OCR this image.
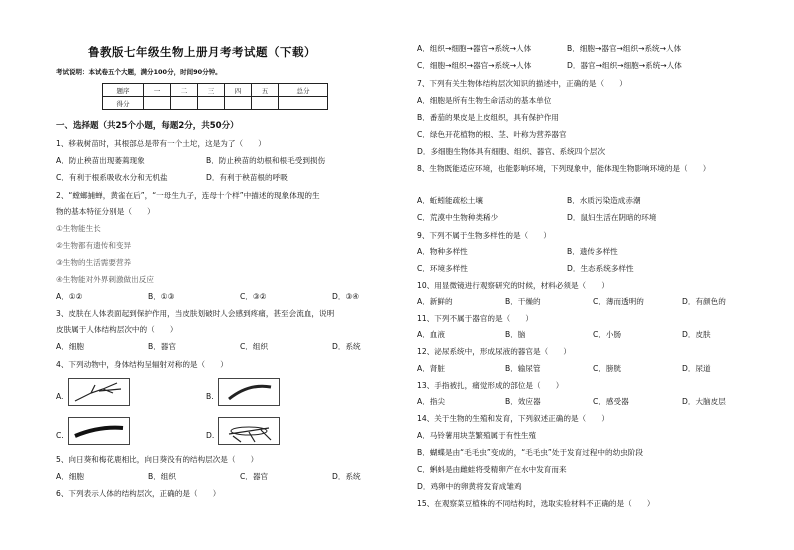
鲁教版七年级生物上册月考考试题（下载）
考试说明：本试卷五个大题，满分100分，时间90分钟。
题序	一	二	三	四	五	总分
得分						
一、选择题（共25个小题，每题2分，共50分）
1、移栽树苗时，其根部总是带有一个土坨，这是为了（　　）
A．防止秧苗出现萎蔫现象	B．防止秧苗的幼根和根毛受到损伤
C．有利于根系吸收水分和无机盐	D．有利于秧苗根的呼吸
2、“螳螂捕蝉，黄雀在后”，“一母生九子，连母十个样”中描述的现象体现的生
物的基本特征分别是（　　）
①生物能生长
②生物都有遗传和变异
③生物的生活需要营养
④生物能对外界刺激做出反应
A．①②	B．①③	C．③②	D．③④
3、皮肤在人体表面起到保护作用，当皮肤划破时人会感到疼痛，甚至会流血，说明
皮肤属于人体结构层次中的（　　）
A．细胞	B．器官	C．组织	D．系统
4、下列动物中，身体结构呈辐射对称的是（　　）
A.	B.
C.	D.
5、向日葵和梅花鹿相比，向日葵没有的结构层次是（　　）
A．细胞	B．组织	C．器官	D．系统
6、下列表示人体的结构层次，正确的是（　　）
A．组织→细胞→器官→系统→人体	B．细胞→器官→组织→系统→人体
C．细胞→组织→器官→系统→人体	D．器官→组织→细胞→系统→人体
7、下列有关生物体结构层次知识的描述中，正确的是（　　）
A．细胞是所有生物生命活动的基本单位
B．番茄的果皮是上皮组织，具有保护作用
C．绿色开花植物的根、茎、叶称为营养器官
D．多细胞生物体具有细胞、组织、器官、系统四个层次
8、生物既能适应环境，也能影响环境，下列现象中，能体现生物影响环境的是（　　）
A．蚯蚓能疏松土壤	B．水质污染造成赤潮
C．荒漠中生物种类稀少	D．鼠妇生活在阴暗的环境
9、下列不属于生物多样性的是（　　）
A．物种多样性	B．遗传多样性
C．环境多样性	D．生态系统多样性
10、用显微镜进行观察研究的时候，材料必须是（　　）
A．新鲜的	B．干燥的	C．薄而透明的	D．有颜色的
11、下列不属于器官的是（　　）
A．血液	B．脑	C．小肠	D．皮肤
12、泌尿系统中，形成尿液的器官是（　　）
A．肾脏	B．输尿管	C．膀胱	D．尿道
13、手指被扎，痛觉形成的部位是（　　）
A．指尖	B．效应器	C．感受器	D．大脑皮层
14、关于生物的生殖和发育，下列叙述正确的是（　　）
A．马铃薯用块茎繁殖属于有性生殖
B．蝴蝶是由“毛毛虫”变成的，“毛毛虫”处于发育过程中的幼虫阶段
C．蝌蚪是由雌蛙将受精卵产在水中发育而来
D．鸡卵中的卵黄将发育成雏鸡
15、在观察菜豆植株的不同结构时，选取实验材料不正确的是（　　）
